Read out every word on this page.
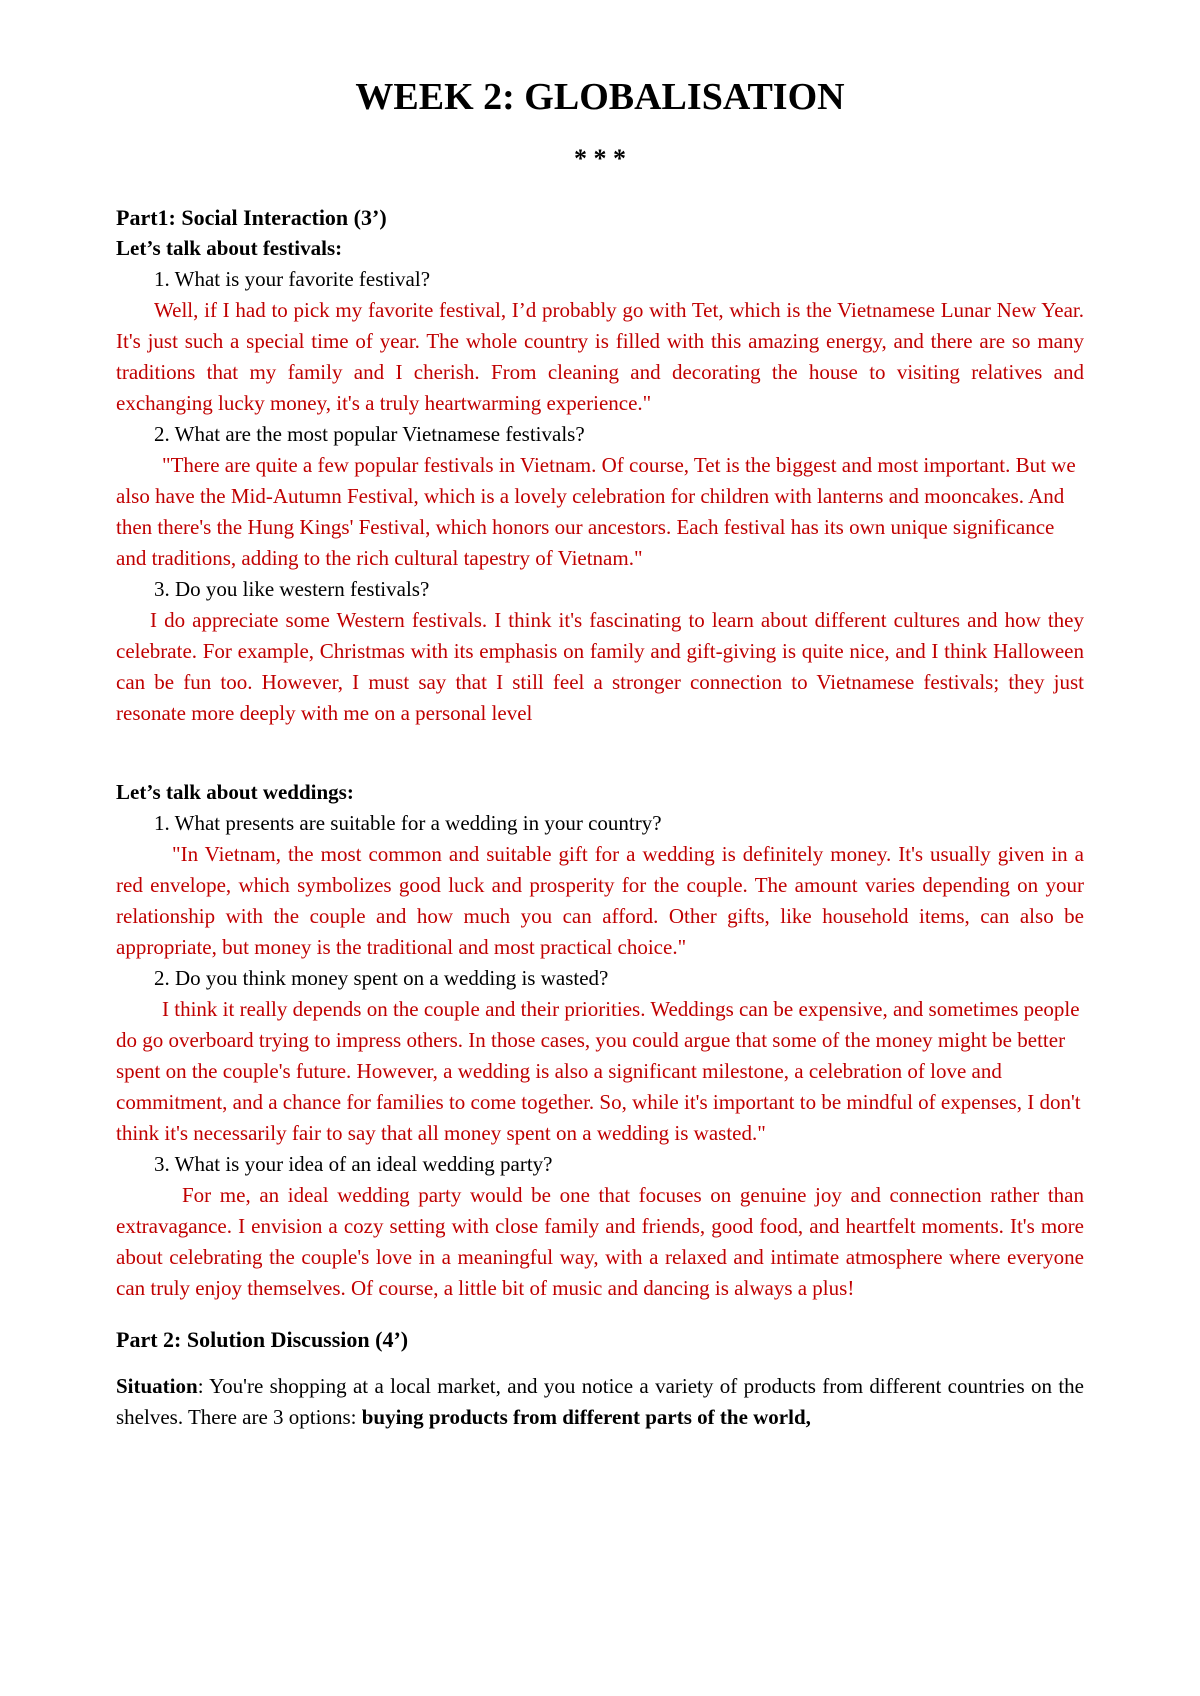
WEEK 2: GLOBALISATION
* * *

Part1: Social Interaction (3’)

Let’s talk about festivals:

1. What is your favorite festival?

Well, if I had to pick my favorite festival, I’d probably go with Tet, which is the Vietnamese Lunar New Year. It's just such a special time of year. The whole country is filled with this amazing energy, and there are so many traditions that my family and I cherish. From cleaning and decorating the house to visiting relatives and exchanging lucky money, it's a truly heartwarming experience."

2. What are the most popular Vietnamese festivals?

"There are quite a few popular festivals in Vietnam. Of course, Tet is the biggest and most important. But we also have the Mid-Autumn Festival, which is a lovely celebration for children with lanterns and mooncakes. And then there's the Hung Kings' Festival, which honors our ancestors. Each festival has its own unique significance and traditions, adding to the rich cultural tapestry of Vietnam."

3. Do you like western festivals?

I do appreciate some Western festivals. I think it's fascinating to learn about different cultures and how they celebrate. For example, Christmas with its emphasis on family and gift-giving is quite nice, and I think Halloween can be fun too. However, I must say that I still feel a stronger connection to Vietnamese festivals; they just resonate more deeply with me on a personal level

Let’s talk about weddings:

1. What presents are suitable for a wedding in your country?

"In Vietnam, the most common and suitable gift for a wedding is definitely money. It's usually given in a red envelope, which symbolizes good luck and prosperity for the couple. The amount varies depending on your relationship with the couple and how much you can afford. Other gifts, like household items, can also be appropriate, but money is the traditional and most practical choice."

2. Do you think money spent on a wedding is wasted?

I think it really depends on the couple and their priorities. Weddings can be expensive, and sometimes people do go overboard trying to impress others. In those cases, you could argue that some of the money might be better spent on the couple's future. However, a wedding is also a significant milestone, a celebration of love and commitment, and a chance for families to come together. So, while it's important to be mindful of expenses, I don't think it's necessarily fair to say that all money spent on a wedding is wasted."

3. What is your idea of an ideal wedding party?

For me, an ideal wedding party would be one that focuses on genuine joy and connection rather than extravagance. I envision a cozy setting with close family and friends, good food, and heartfelt moments. It's more about celebrating the couple's love in a meaningful way, with a relaxed and intimate atmosphere where everyone can truly enjoy themselves. Of course, a little bit of music and dancing is always a plus!

Part 2: Solution Discussion (4’)

Situation: You're shopping at a local market, and you notice a variety of products from different countries on the shelves. There are 3 options: buying products from different parts of the world,
